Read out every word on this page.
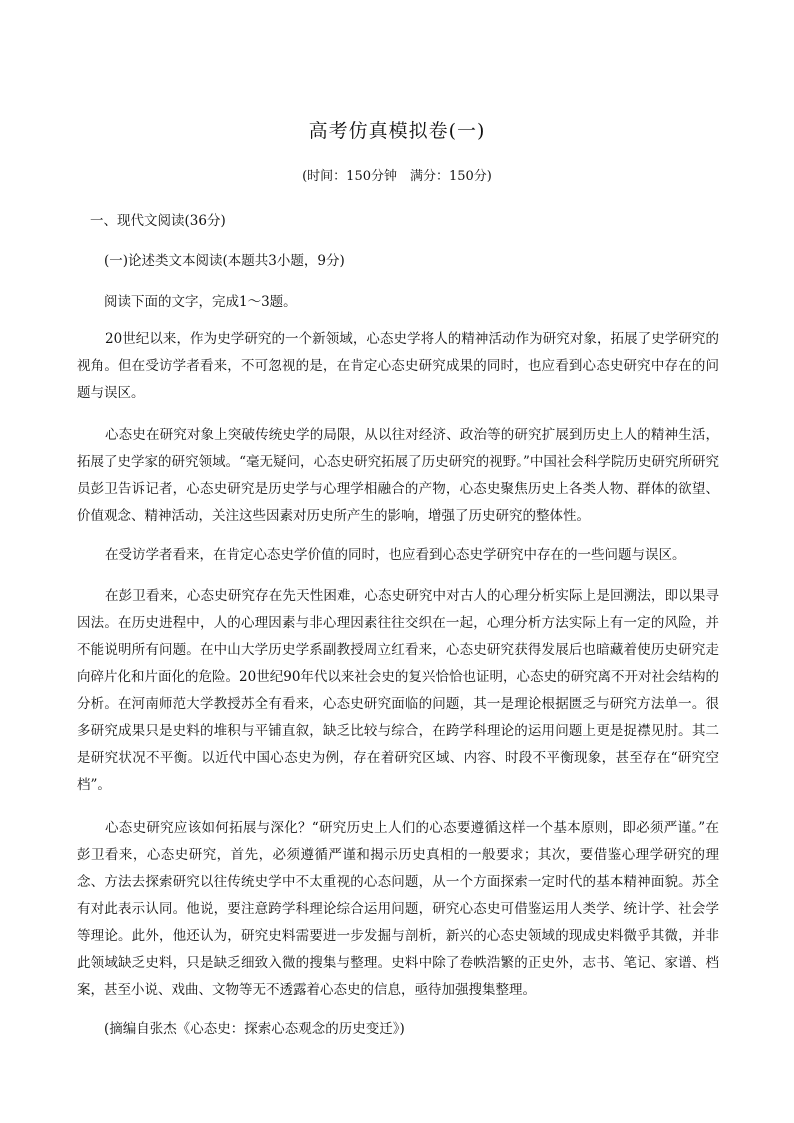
高考仿真模拟卷(一)

(时间：150分钟　满分：150分)

一、现代文阅读(36分)

(一)论述类文本阅读(本题共3小题，9分)

阅读下面的文字，完成1～3题。

20世纪以来，作为史学研究的一个新领域，心态史学将人的精神活动作为研究对象，拓展了史学研究的视角。但在受访学者看来，不可忽视的是，在肯定心态史研究成果的同时，也应看到心态史研究中存在的问题与误区。

心态史在研究对象上突破传统史学的局限，从以往对经济、政治等的研究扩展到历史上人的精神生活，拓展了史学家的研究领域。“毫无疑问，心态史研究拓展了历史研究的视野。”中国社会科学院历史研究所研究员彭卫告诉记者，心态史研究是历史学与心理学相融合的产物，心态史聚焦历史上各类人物、群体的欲望、价值观念、精神活动，关注这些因素对历史所产生的影响，增强了历史研究的整体性。

在受访学者看来，在肯定心态史学价值的同时，也应看到心态史学研究中存在的一些问题与误区。

在彭卫看来，心态史研究存在先天性困难，心态史研究中对古人的心理分析实际上是回溯法，即以果寻因法。在历史进程中，人的心理因素与非心理因素往往交织在一起，心理分析方法实际上有一定的风险，并不能说明所有问题。在中山大学历史学系副教授周立红看来，心态史研究获得发展后也暗藏着使历史研究走向碎片化和片面化的危险。20世纪90年代以来社会史的复兴恰恰也证明，心态史的研究离不开对社会结构的分析。在河南师范大学教授苏全有看来，心态史研究面临的问题，其一是理论根据匮乏与研究方法单一。很多研究成果只是史料的堆积与平铺直叙，缺乏比较与综合，在跨学科理论的运用问题上更是捉襟见肘。其二是研究状况不平衡。以近代中国心态史为例，存在着研究区域、内容、时段不平衡现象，甚至存在“研究空档”。

心态史研究应该如何拓展与深化？“研究历史上人们的心态要遵循这样一个基本原则，即必须严谨。”在彭卫看来，心态史研究，首先，必须遵循严谨和揭示历史真相的一般要求；其次，要借鉴心理学研究的理念、方法去探索研究以往传统史学中不太重视的心态问题，从一个方面探索一定时代的基本精神面貌。苏全有对此表示认同。他说，要注意跨学科理论综合运用问题，研究心态史可借鉴运用人类学、统计学、社会学等理论。此外，他还认为，研究史料需要进一步发掘与剖析，新兴的心态史领域的现成史料微乎其微，并非此领域缺乏史料，只是缺乏细致入微的搜集与整理。史料中除了卷帙浩繁的正史外，志书、笔记、家谱、档案，甚至小说、戏曲、文物等无不透露着心态史的信息，亟待加强搜集整理。

(摘编自张杰《心态史：探索心态观念的历史变迁》)
